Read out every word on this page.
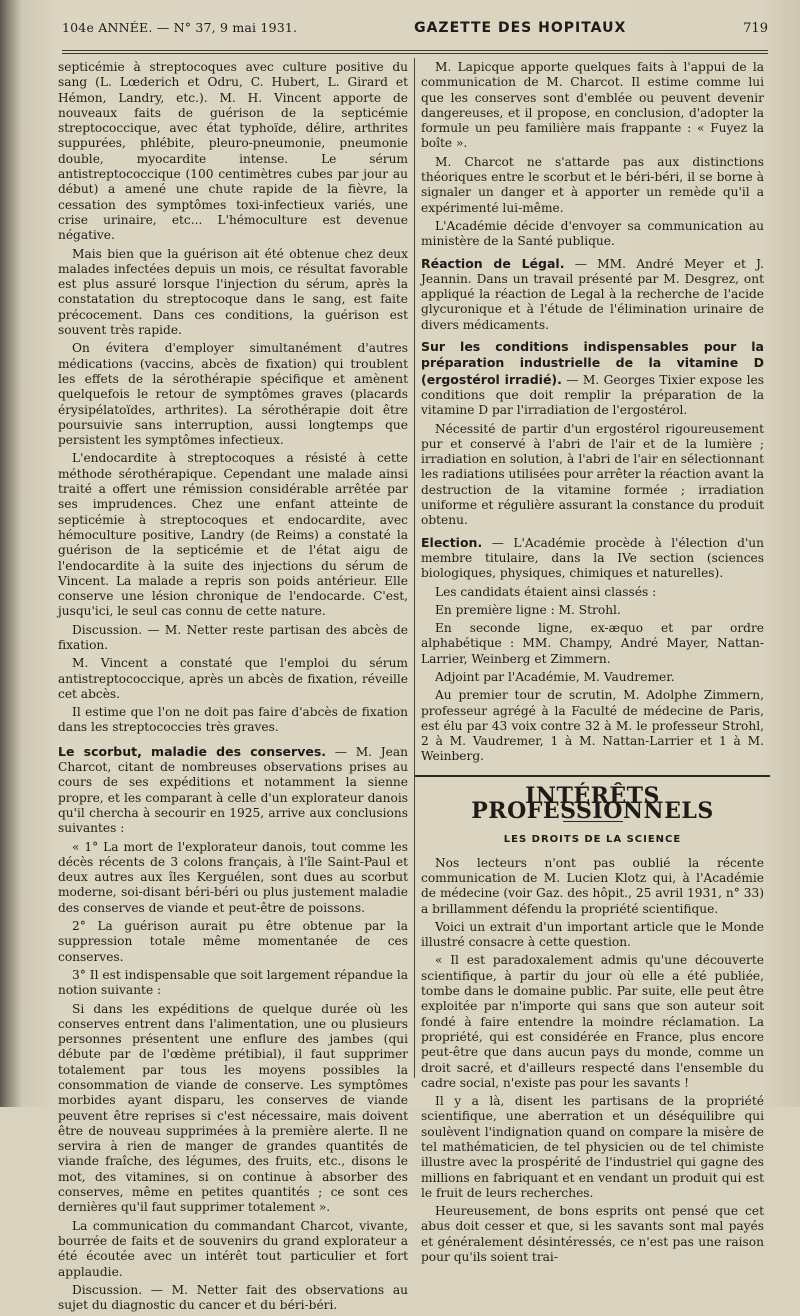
104e ANNÉE. — N° 37, 9 mai 1931.	GAZETTE DES HOPITAUX	719

septicémie à streptocoques avec culture positive du sang (L. Lœderich et Odru, C. Hubert, L. Girard et Hémon, Landry, etc.). M. H. Vincent apporte de nouveaux faits de guérison de la septicémie streptococcique, avec état typhoïde, délire, arthrites suppurées, phlébite, pleuro-pneumonie, pneumonie double, myocardite intense. Le sérum antistreptococcique (100 centimètres cubes par jour au début) a amené une chute rapide de la fièvre, la cessation des symptômes toxi-infectieux variés, une crise urinaire, etc... L'hémoculture est devenue négative.

Mais bien que la guérison ait été obtenue chez deux malades infectées depuis un mois, ce résultat favorable est plus assuré lorsque l'injection du sérum, après la constatation du streptocoque dans le sang, est faite précocement. Dans ces conditions, la guérison est souvent très rapide.

On évitera d'employer simultanément d'autres médications (vaccins, abcès de fixation) qui troublent les effets de la sérothérapie spécifique et amènent quelquefois le retour de symptômes graves (placards érysipélatoïdes, arthrites). La sérothérapie doit être poursuivie sans interruption, aussi longtemps que persistent les symptômes infectieux.

L'endocardite à streptocoques a résisté à cette méthode sérothérapique. Cependant une malade ainsi traité a offert une rémission considérable arrêtée par ses imprudences. Chez une enfant atteinte de septicémie à streptocoques et endocardite, avec hémoculture positive, Landry (de Reims) a constaté la guérison de la septicémie et de l'état aigu de l'endocardite à la suite des injections du sérum de Vincent. La malade a repris son poids antérieur. Elle conserve une lésion chronique de l'endocarde. C'est, jusqu'ici, le seul cas connu de cette nature.

Discussion. — M. Netter reste partisan des abcès de fixation.

M. Vincent a constaté que l'emploi du sérum antistreptococcique, après un abcès de fixation, réveille cet abcès.

Il estime que l'on ne doit pas faire d'abcès de fixation dans les streptococcies très graves.

Le scorbut, maladie des conserves. — M. Jean Charcot, citant de nombreuses observations prises au cours de ses expéditions et notamment la sienne propre, et les comparant à celle d'un explorateur danois qu'il chercha à secourir en 1925, arrive aux conclusions suivantes :

« 1° La mort de l'explorateur danois, tout comme les décès récents de 3 colons français, à l'île Saint-Paul et deux autres aux îles Kerguélen, sont dues au scorbut moderne, soi-disant béri-béri ou plus justement maladie des conserves de viande et peut-être de poissons.

2° La guérison aurait pu être obtenue par la suppression totale même momentanée de ces conserves.

3° Il est indispensable que soit largement répandue la notion suivante :

Si dans les expéditions de quelque durée où les conserves entrent dans l'alimentation, une ou plusieurs personnes présentent une enflure des jambes (qui débute par de l'œdème prétibial), il faut supprimer totalement par tous les moyens possibles la consommation de viande de conserve. Les symptômes morbides ayant disparu, les conserves de viande peuvent être reprises si c'est nécessaire, mais doivent être de nouveau supprimées à la première alerte. Il ne servira à rien de manger de grandes quantités de viande fraîche, des légumes, des fruits, etc., disons le mot, des vitamines, si on continue à absorber des conserves, même en petites quantités ; ce sont ces dernières qu'il faut supprimer totalement ».

La communication du commandant Charcot, vivante, bourrée de faits et de souvenirs du grand explorateur a été écoutée avec un intérêt tout particulier et fort applaudie.

Discussion. — M. Netter fait des observations au sujet du diagnostic du cancer et du béri-béri.

M. Lapicque apporte quelques faits à l'appui de la communication de M. Charcot. Il estime comme lui que les conserves sont d'emblée ou peuvent devenir dangereuses, et il propose, en conclusion, d'adopter la formule un peu familière mais frappante : « Fuyez la boîte ».

M. Charcot ne s'attarde pas aux distinctions théoriques entre le scorbut et le béri-béri, il se borne à signaler un danger et à apporter un remède qu'il a expérimenté lui-même.

L'Académie décide d'envoyer sa communication au ministère de la Santé publique.

Réaction de Légal. — MM. André Meyer et J. Jeannin. Dans un travail présenté par M. Desgrez, ont appliqué la réaction de Legal à la recherche de l'acide glycuronique et à l'étude de l'élimination urinaire de divers médicaments.

Sur les conditions indispensables pour la préparation industrielle de la vitamine D (ergostérol irradié). — M. Georges Tixier expose les conditions que doit remplir la préparation de la vitamine D par l'irradiation de l'ergostérol.

Nécessité de partir d'un ergostérol rigoureusement pur et conservé à l'abri de l'air et de la lumière ; irradiation en solution, à l'abri de l'air en sélectionnant les radiations utilisées pour arrêter la réaction avant la destruction de la vitamine formée ; irradiation uniforme et régulière assurant la constance du produit obtenu.

Election. — L'Académie procède à l'élection d'un membre titulaire, dans la IVe section (sciences biologiques, physiques, chimiques et naturelles).

Les candidats étaient ainsi classés :

En première ligne : M. Strohl.

En seconde ligne, ex-æquo et par ordre alphabétique : MM. Champy, André Mayer, Nattan-Larrier, Weinberg et Zimmern.

Adjoint par l'Académie, M. Vaudremer.

Au premier tour de scrutin, M. Adolphe Zimmern, professeur agrégé à la Faculté de médecine de Paris, est élu par 43 voix contre 32 à M. le professeur Strohl, 2 à M. Vaudremer, 1 à M. Nattan-Larrier et 1 à M. Weinberg.

INTÉRÊTS PROFESSIONNELS
LES DROITS DE LA SCIENCE

Nos lecteurs n'ont pas oublié la récente communication de M. Lucien Klotz qui, à l'Académie de médecine (voir Gaz. des hôpit., 25 avril 1931, n° 33) a brillamment défendu la propriété scientifique.

Voici un extrait d'un important article que le Monde illustré consacre à cette question.

« Il est paradoxalement admis qu'une découverte scientifique, à partir du jour où elle a été publiée, tombe dans le domaine public. Par suite, elle peut être exploitée par n'importe qui sans que son auteur soit fondé à faire entendre la moindre réclamation. La propriété, qui est considérée en France, plus encore peut-être que dans aucun pays du monde, comme un droit sacré, et d'ailleurs respecté dans l'ensemble du cadre social, n'existe pas pour les savants !

Il y a là, disent les partisans de la propriété scientifique, une aberration et un déséquilibre qui soulèvent l'indignation quand on compare la misère de tel mathématicien, de tel physicien ou de tel chimiste illustre avec la prospérité de l'industriel qui gagne des millions en fabriquant et en vendant un produit qui est le fruit de leurs recherches.

Heureusement, de bons esprits ont pensé que cet abus doit cesser et que, si les savants sont mal payés et généralement désintéressés, ce n'est pas une raison pour qu'ils soient trai-
